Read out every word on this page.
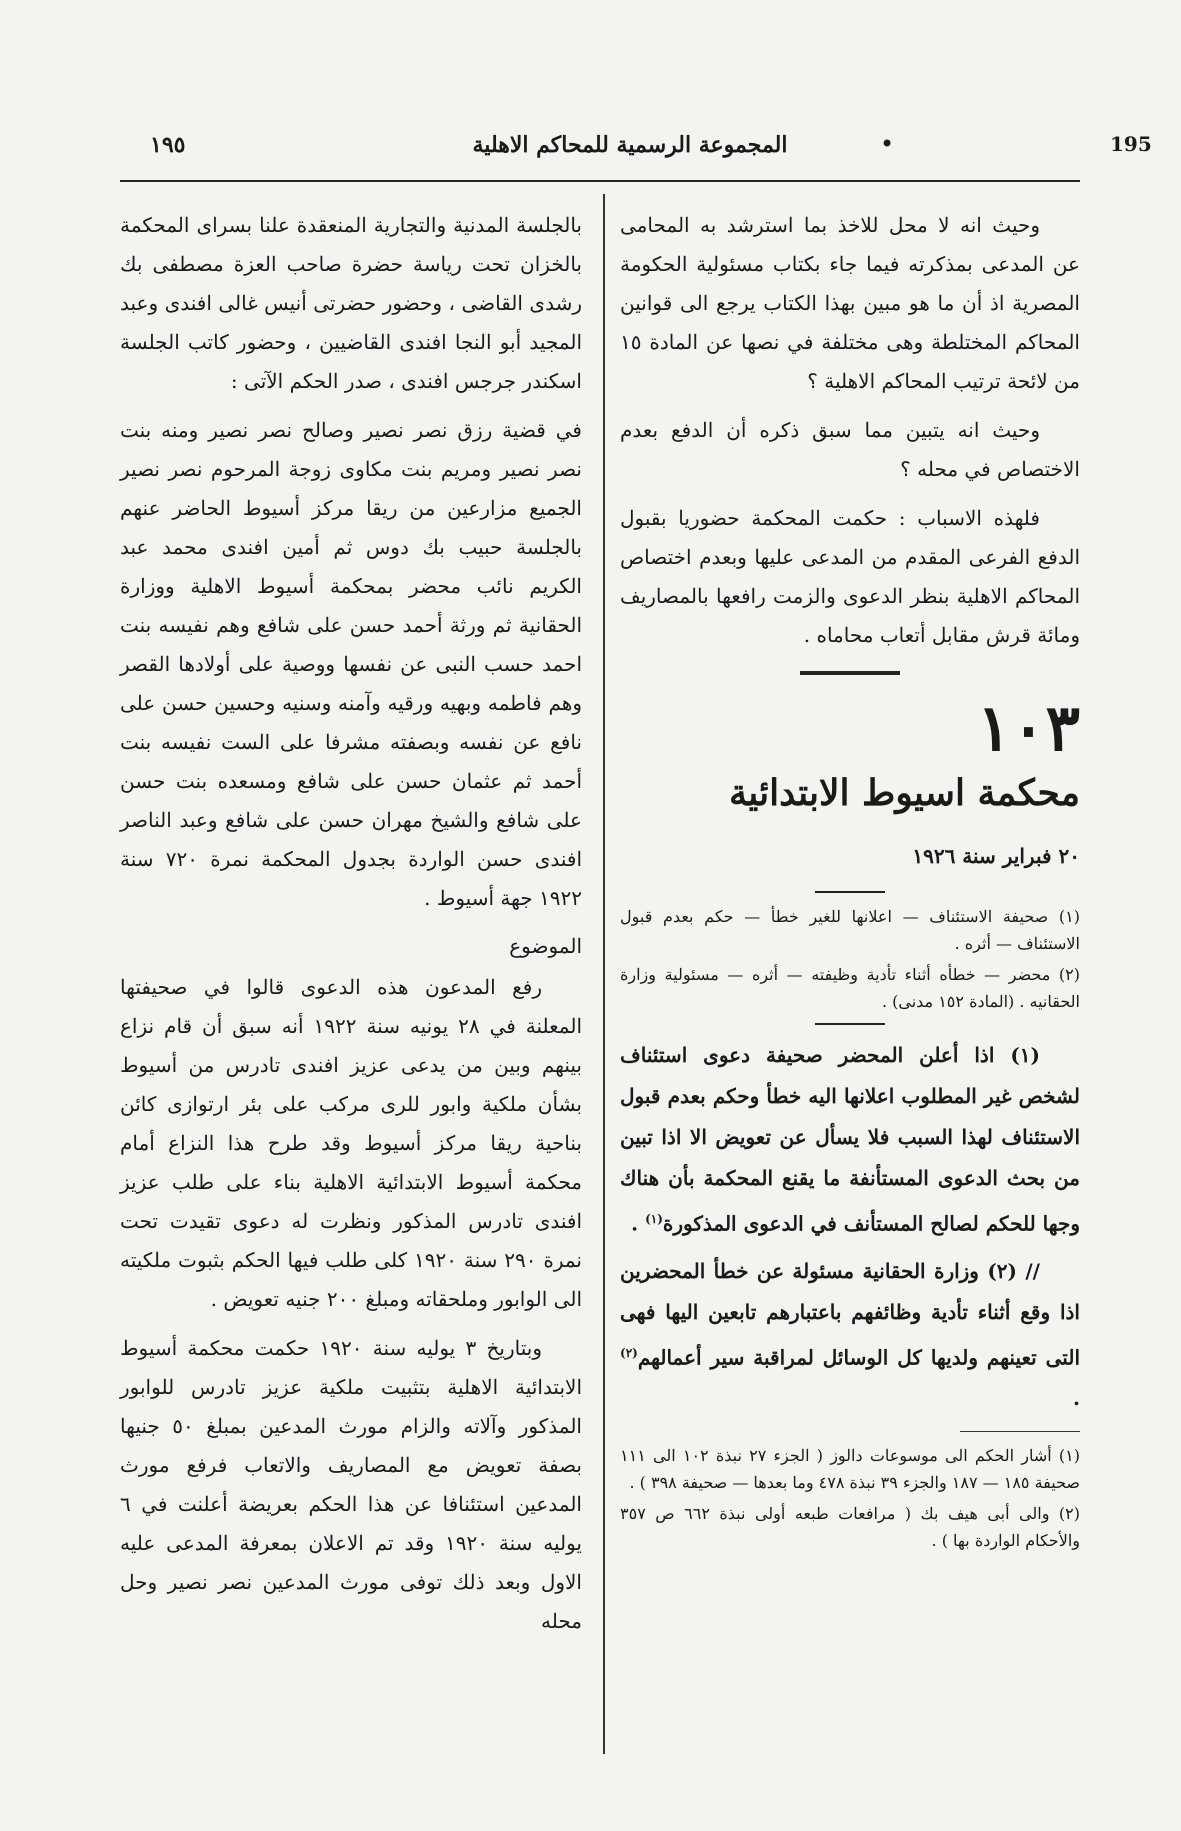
195
•
المجموعة الرسمية للمحاكم الاهلية
١٩٥

وحيث انه لا محل للاخذ بما استرشد به المحامى عن المدعى بمذكرته فيما جاء بكتاب مسئولية الحكومة المصرية اذ أن ما هو مبين بهذا الكتاب يرجع الى قوانين المحاكم المختلطة وهى مختلفة في نصها عن المادة ١٥ من لائحة ترتيب المحاكم الاهلية ؟

وحيث انه يتبين مما سبق ذكره أن الدفع بعدم الاختصاص في محله ؟

فلهذه الاسباب : حكمت المحكمة حضوريا بقبول الدفع الفرعى المقدم من المدعى عليها وبعدم اختصاص المحاكم الاهلية بنظر الدعوى والزمت رافعها بالمصاريف ومائة قرش مقابل أتعاب محاماه .

١٠٣

محكمة اسيوط الابتدائية

٢٠ فبراير سنة ١٩٢٦

(١) صحيفة الاستئناف — اعلانها للغير خطأ — حكم بعدم قبول الاستئناف — أثره .

(٢) محضر — خطأه أثناء تأدية وظيفته — أثره — مسئولية وزارة الحقانيه . (المادة ١٥٢ مدنى) .

(١) اذا أعلن المحضر صحيفة دعوى استئناف لشخص غير المطلوب اعلانها اليه خطأ وحكم بعدم قبول الاستئناف لهذا السبب فلا يسأل عن تعويض الا اذا تبين من بحث الدعوى المستأنفة ما يقنع المحكمة بأن هناك وجها للحكم لصالح المستأنف في الدعوى المذكورة$^{(١)}$ .

// (٢) وزارة الحقانية مسئولة عن خطأ المحضرين اذا وقع أثناء تأدية وظائفهم باعتبارهم تابعين اليها فهى التى تعينهم ولديها كل الوسائل لمراقبة سير أعمالهم$^{(٢)}$ .

(١) أشار الحكم الى موسوعات دالوز ( الجزء ٢٧ نبذة ١٠٢ الى ١١١ صحيفة ١٨٥ — ١٨٧ والجزء ٣٩ نبذة ٤٧٨ وما بعدها — صحيفة ٣٩٨ ) .

(٢) والى أبى هيف بك ( مرافعات طبعه أولى نبذة ٦٦٢ ص ٣٥٧ والأحكام الواردة بها ) .

بالجلسة المدنية والتجارية المنعقدة علنا بسراى المحكمة بالخزان تحت رياسة حضرة صاحب العزة مصطفى بك رشدى القاضى ، وحضور حضرتى أنيس غالى افندى وعبد المجيد أبو النجا افندى القاضيين ، وحضور كاتب الجلسة اسكندر جرجس افندى ، صدر الحكم الآتى :

في قضية رزق نصر نصير وصالح نصر نصير ومنه بنت نصر نصير ومريم بنت مكاوى زوجة المرحوم نصر نصير الجميع مزارعين من ريقا مركز أسيوط الحاضر عنهم بالجلسة حبيب بك دوس ثم أمين افندى محمد عبد الكريم نائب محضر بمحكمة أسيوط الاهلية ووزارة الحقانية ثم ورثة أحمد حسن على شافع وهم نفيسه بنت احمد حسب النبى عن نفسها ووصية على أولادها القصر وهم فاطمه وبهيه ورقيه وآمنه وسنيه وحسين حسن على نافع عن نفسه وبصفته مشرفا على الست نفيسه بنت أحمد ثم عثمان حسن على شافع ومسعده بنت حسن على شافع والشيخ مهران حسن على شافع وعبد الناصر افندى حسن الواردة بجدول المحكمة نمرة ٧٢٠ سنة ١٩٢٢ جهة أسيوط .

الموضوع

رفع المدعون هذه الدعوى قالوا في صحيفتها المعلنة في ٢٨ يونيه سنة ١٩٢٢ أنه سبق أن قام نزاع بينهم وبين من يدعى عزيز افندى تادرس من أسيوط بشأن ملكية وابور للرى مركب على بئر ارتوازى كائن بناحية ريقا مركز أسيوط وقد طرح هذا النزاع أمام محكمة أسيوط الابتدائية الاهلية بناء على طلب عزيز افندى تادرس المذكور ونظرت له دعوى تقيدت تحت نمرة ٢٩٠ سنة ١٩٢٠ كلى طلب فيها الحكم بثبوت ملكيته الى الوابور وملحقاته ومبلغ ٢٠٠ جنيه تعويض .

وبتاريخ ٣ يوليه سنة ١٩٢٠ حكمت محكمة أسيوط الابتدائية الاهلية بتثبيت ملكية عزيز تادرس للوابور المذكور وآلاته والزام مورث المدعين بمبلغ ٥٠ جنيها بصفة تعويض مع المصاريف والاتعاب فرفع مورث المدعين استئنافا عن هذا الحكم بعريضة أعلنت في ٦ يوليه سنة ١٩٢٠ وقد تم الاعلان بمعرفة المدعى عليه الاول وبعد ذلك توفى مورث المدعين نصر نصير وحل محله
